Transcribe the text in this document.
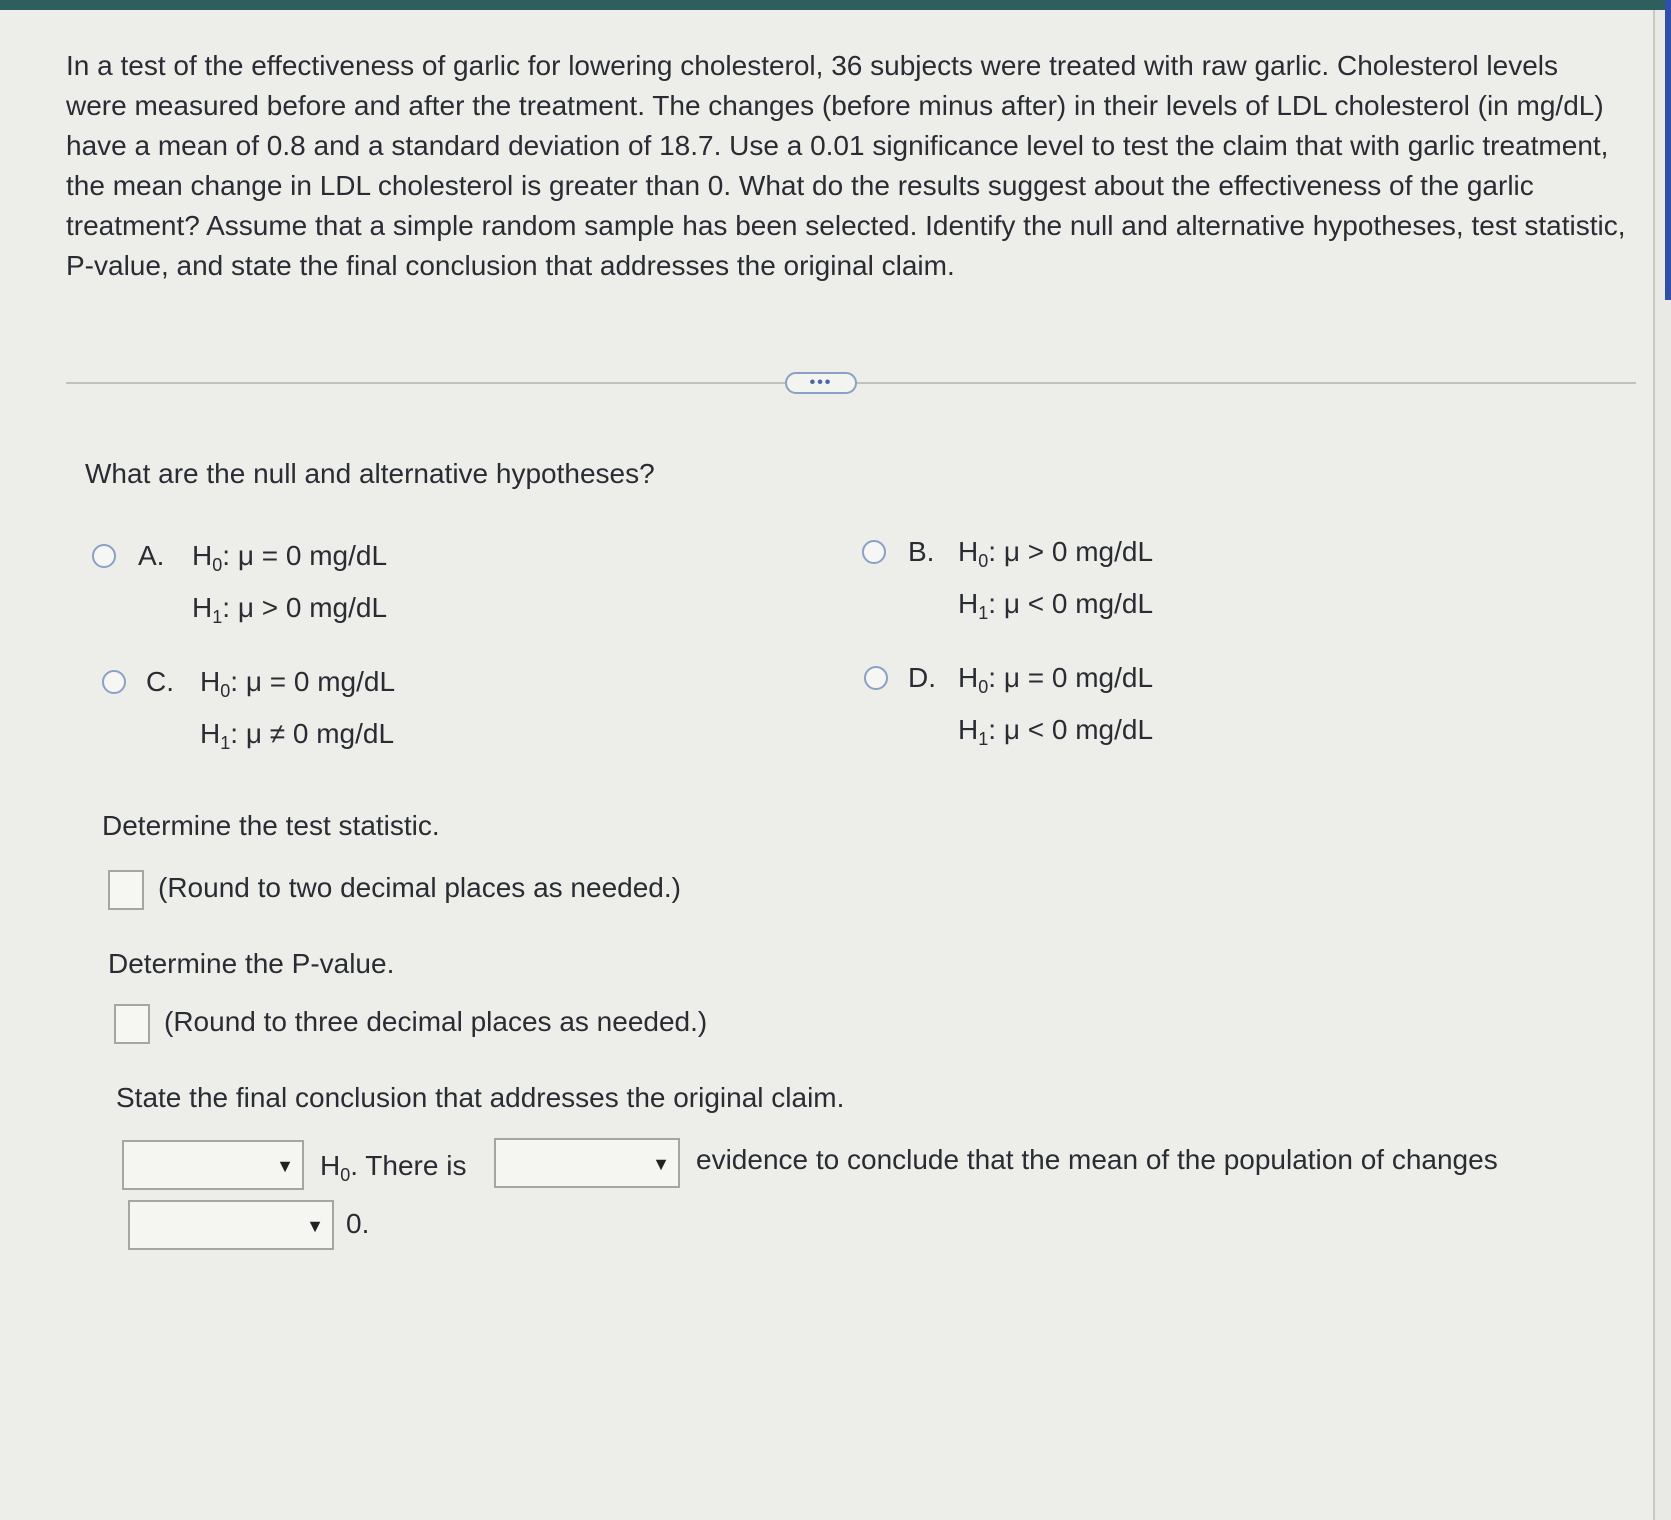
In a test of the effectiveness of garlic for lowering cholesterol, 36 subjects were treated with raw garlic. Cholesterol levels were measured before and after the treatment. The changes (before minus after) in their levels of LDL cholesterol (in mg/dL) have a mean of 0.8 and a standard deviation of 18.7. Use a 0.01 significance level to test the claim that with garlic treatment, the mean change in LDL cholesterol is greater than 0. What do the results suggest about the effectiveness of the garlic treatment? Assume that a simple random sample has been selected. Identify the null and alternative hypotheses, test statistic, P-value, and state the final conclusion that addresses the original claim.

•••
What are the null and alternative hypotheses?
A. $H_0$: μ = 0 mg/dL
$H_1$: μ > 0 mg/dL
B. $H_0$: μ > 0 mg/dL
$H_1$: μ < 0 mg/dL
C. $H_0$: μ = 0 mg/dL
$H_1$: μ ≠ 0 mg/dL
D. $H_0$: μ = 0 mg/dL
$H_1$: μ < 0 mg/dL
Determine the test statistic.
(Round to two decimal places as needed.)
Determine the P-value.
(Round to three decimal places as needed.)
State the final conclusion that addresses the original claim.
▼ $H_0$. There is	▼ evidence to conclude that the mean of the population of changes
▼ 0.
